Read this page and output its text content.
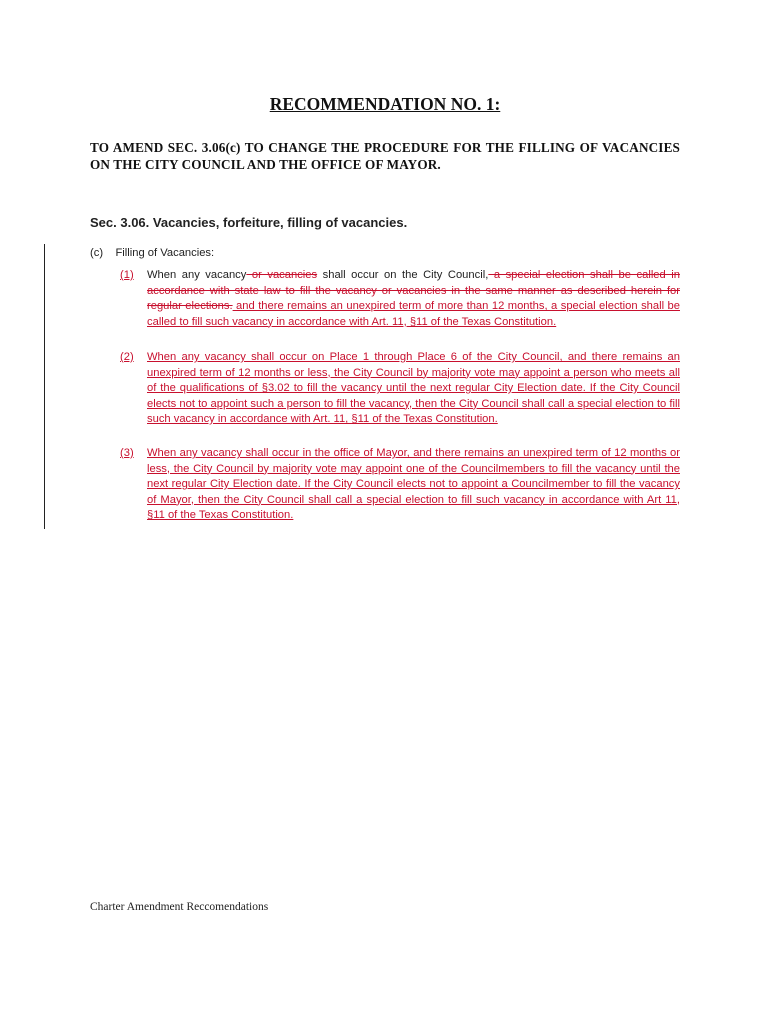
RECOMMENDATION NO. 1:
TO AMEND SEC. 3.06(c) TO CHANGE THE PROCEDURE FOR THE FILLING OF VACANCIES ON THE CITY COUNCIL AND THE OFFICE OF MAYOR.
Sec. 3.06. Vacancies, forfeiture, filling of vacancies.
(c)    Filling of Vacancies:
(1) When any vacancy or vacancies shall occur on the City Council, a special election shall be called in accordance with state law to fill the vacancy or vacancies in the same manner as described herein for regular elections. and there remains an unexpired term of more than 12 months, a special election shall be called to fill such vacancy in accordance with Art. 11, §11 of the Texas Constitution.
(2) When any vacancy shall occur on Place 1 through Place 6 of the City Council, and there remains an unexpired term of 12 months or less, the City Council by majority vote may appoint a person who meets all of the qualifications of §3.02 to fill the vacancy until the next regular City Election date. If the City Council elects not to appoint such a person to fill the vacancy, then the City Council shall call a special election to fill such vacancy in accordance with Art. 11, §11 of the Texas Constitution.
(3) When any vacancy shall occur in the office of Mayor, and there remains an unexpired term of 12 months or less, the City Council by majority vote may appoint one of the Councilmembers to fill the vacancy until the next regular City Election date. If the City Council elects not to appoint a Councilmember to fill the vacancy of Mayor, then the City Council shall call a special election to fill such vacancy in accordance with Art 11, §11 of the Texas Constitution.
Charter Amendment Reccomendations
